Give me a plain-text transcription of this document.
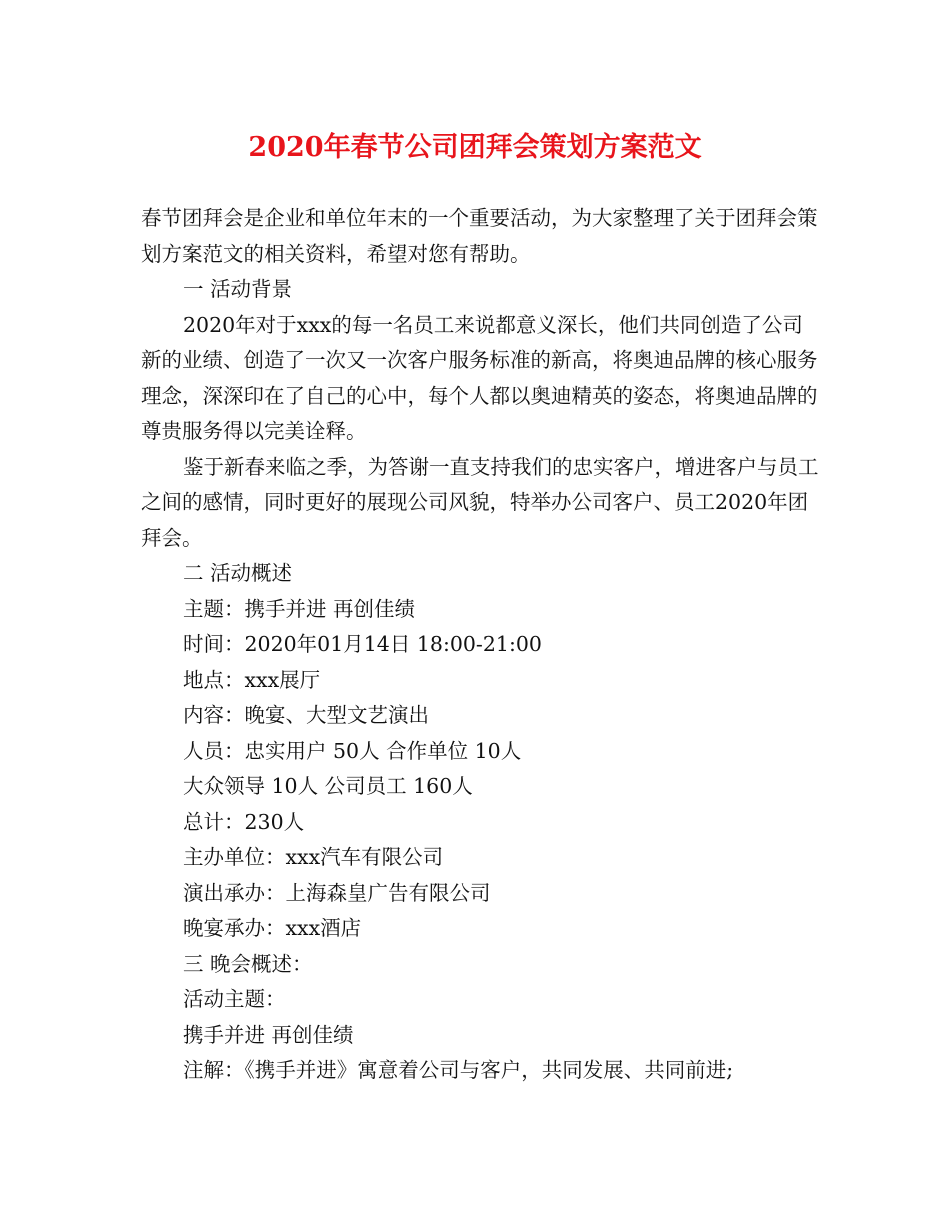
2020年春节公司团拜会策划方案范文

春节团拜会是企业和单位年末的一个重要活动，为大家整理了关于团拜会策划方案范文的相关资料，希望对您有帮助。

一 活动背景

2020年对于xxx的每一名员工来说都意义深长，他们共同创造了公司新的业绩、创造了一次又一次客户服务标准的新高，将奥迪品牌的核心服务理念，深深印在了自己的心中，每个人都以奥迪精英的姿态，将奥迪品牌的尊贵服务得以完美诠释。

鉴于新春来临之季，为答谢一直支持我们的忠实客户，增进客户与员工之间的感情，同时更好的展现公司风貌，特举办公司客户、员工2020年团拜会。

二 活动概述

主题：携手并进 再创佳绩

时间：2020年01月14日 18:00-21:00

地点：xxx展厅

内容：晚宴、大型文艺演出

人员：忠实用户 50人 合作单位 10人

大众领导 10人 公司员工 160人

总计：230人

主办单位：xxx汽车有限公司

演出承办：上海森皇广告有限公司

晚宴承办：xxx酒店

三 晚会概述：

活动主题：

携手并进 再创佳绩

注解：《携手并进》寓意着公司与客户，共同发展、共同前进;
